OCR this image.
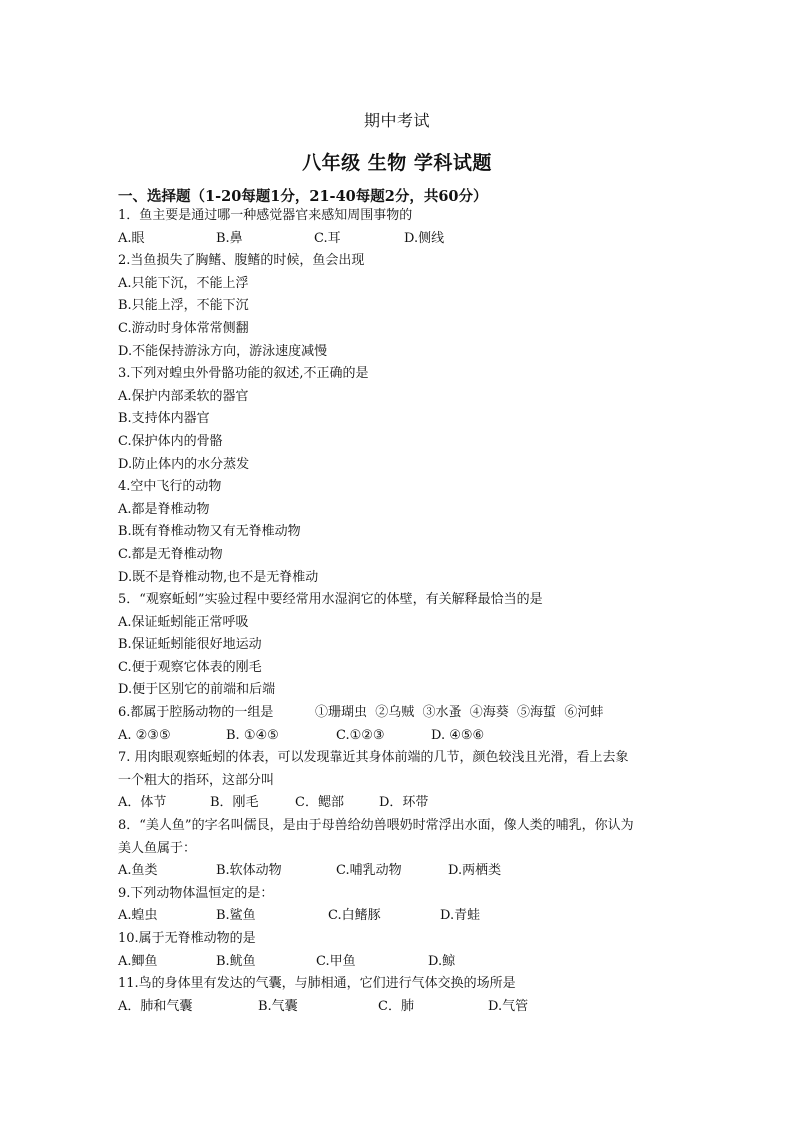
期中考试
八年级 生物 学科试题
一、选择题（1-20每题1分，21-40每题2分，共60分）
1．鱼主要是通过哪一种感觉器官来感知周围事物的
A.眼	B.鼻	C.耳	D.侧线
2.当鱼损失了胸鳍、腹鳍的时候，鱼会出现
A.只能下沉，不能上浮
B.只能上浮，不能下沉
C.游动时身体常常侧翻
D.不能保持游泳方向，游泳速度减慢
3.下列对蝗虫外骨骼功能的叙述,不正确的是
A.保护内部柔软的器官
B.支持体内器官
C.保护体内的骨骼
D.防止体内的水分蒸发
4.空中飞行的动物
A.都是脊椎动物
B.既有脊椎动物又有无脊椎动物
C.都是无脊椎动物
D.既不是脊椎动物,也不是无脊椎动
5．“观察蚯蚓”实验过程中要经常用水湿润它的体壁，有关解释最恰当的是
A.保证蚯蚓能正常呼吸
B.保证蚯蚓能很好地运动
C.便于观察它体表的刚毛
D.便于区别它的前端和后端
6.都属于腔肠动物的一组是	①珊瑚虫  ②乌贼  ③水蚤  ④海葵  ⑤海蜇  ⑥河蚌
A. ②③⑤	B. ①④⑤	C.①②③	D. ④⑤⑥
7. 用肉眼观察蚯蚓的体表，可以发现靠近其身体前端的几节，颜色较浅且光滑，看上去象
一个粗大的指环，这部分叫
A．体节	B．刚毛	C．鳃部	D．环带
8．“美人鱼”的字名叫儒艮，是由于母兽给幼兽喂奶时常浮出水面，像人类的哺乳，你认为
美人鱼属于：
A.鱼类	B.软体动物	C.哺乳动物	D.两栖类
9.下列动物体温恒定的是：
A.蝗虫	B.鲨鱼	C.白鳍豚	D.青蛙
10.属于无脊椎动物的是
A.鲫鱼	B.鱿鱼	C.甲鱼	D.鲸
11.鸟的身体里有发达的气囊，与肺相通，它们进行气体交换的场所是
A．肺和气囊	B.气囊	C．肺	D.气管
